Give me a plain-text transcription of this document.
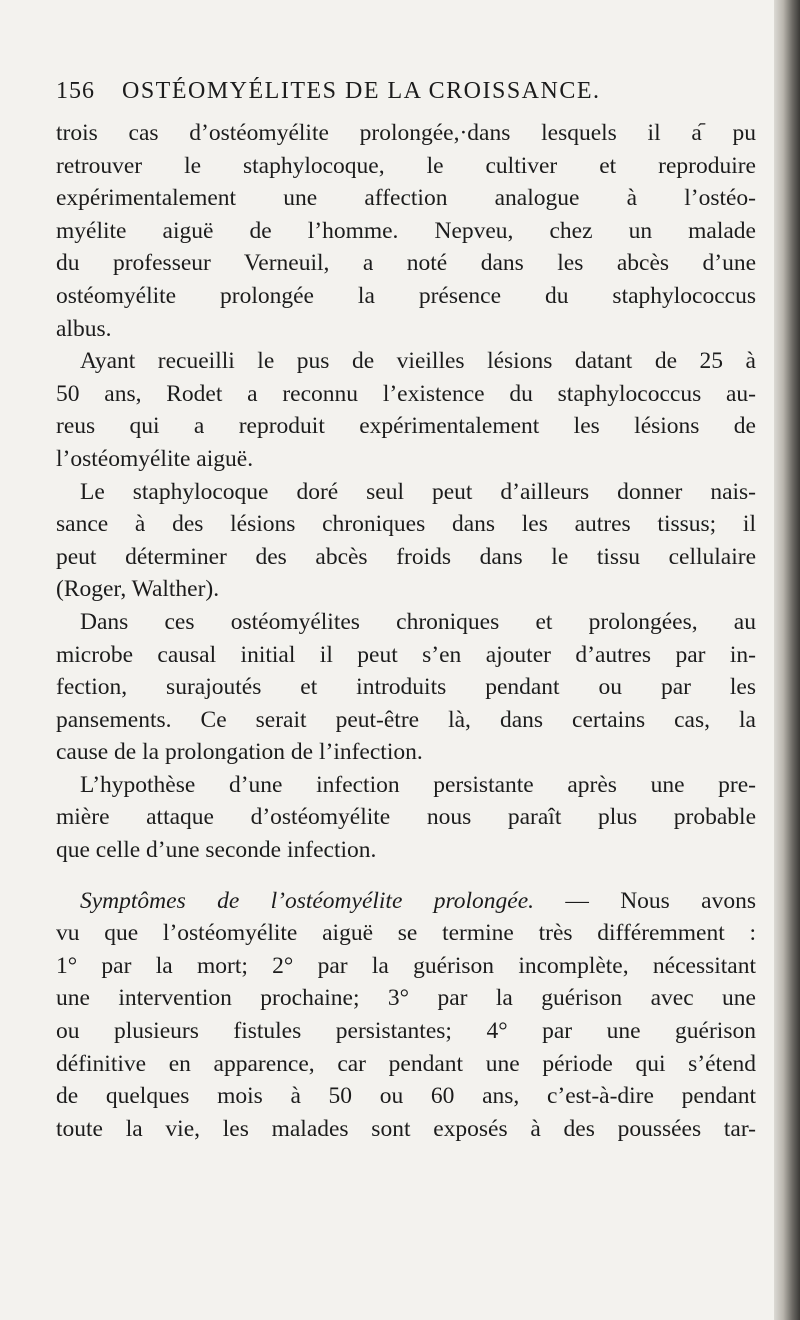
156 OSTÉOMYÉLITES DE LA CROISSANCE.
trois cas d’ostéomyélite prolongée,·dans lesquels il a᷇ pu
retrouver le staphylocoque, le cultiver et reproduire
expérimentalement une affection analogue à l’ostéo-
myélite aiguë de l’homme. Nepveu, chez un malade
du professeur Verneuil, a noté dans les abcès d’une
ostéomyélite prolongée la présence du staphylococcus
albus.
Ayant recueilli le pus de vieilles lésions datant de 25 à
50 ans, Rodet a reconnu l’existence du staphylococcus au-
reus qui a reproduit expérimentalement les lésions de
l’ostéomyélite aiguë.
Le staphylocoque doré seul peut d’ailleurs donner nais-
sance à des lésions chroniques dans les autres tissus; il
peut déterminer des abcès froids dans le tissu cellulaire
(Roger, Walther).
Dans ces ostéomyélites chroniques et prolongées, au
microbe causal initial il peut s’en ajouter d’autres par in-
fection, surajoutés et introduits pendant ou par les
pansements. Ce serait peut-être là, dans certains cas, la
cause de la prolongation de l’infection.
L’hypothèse d’une infection persistante après une pre-
mière attaque d’ostéomyélite nous paraît plus probable
que celle d’une seconde infection.
Symptômes de l’ostéomyélite prolongée. — Nous avons
vu que l’ostéomyélite aiguë se termine très différemment :
1° par la mort; 2° par la guérison incomplète, nécessitant
une intervention prochaine; 3° par la guérison avec une
ou plusieurs fistules persistantes; 4° par une guérison
définitive en apparence, car pendant une période qui s’étend
de quelques mois à 50 ou 60 ans, c’est-à-dire pendant
toute la vie, les malades sont exposés à des poussées tar-
